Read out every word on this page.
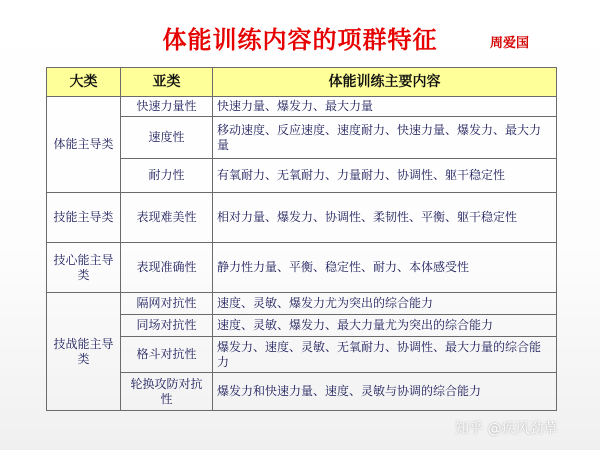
体能训练内容的项群特征	周爱国
大类	亚类	体能训练主要内容
体能主导类	快速力量性	快速力量、爆发力、最大力量
	速度性	移动速度、反应速度、速度耐力、快速力量、爆发力、最大力量
	耐力性	有氧耐力、无氧耐力、力量耐力、协调性、躯干稳定性
技能主导类	表现难美性	相对力量、爆发力、协调性、柔韧性、平衡、躯干稳定性
技心能主导类	表现准确性	静力性力量、平衡、稳定性、耐力、本体感受性
技战能主导类	隔网对抗性	速度、灵敏、爆发力尤为突出的综合能力
	同场对抗性	速度、灵敏、爆发力、最大力量尤为突出的综合能力
	格斗对抗性	爆发力、速度、灵敏、无氧耐力、协调性、最大力量的综合能力
	轮换攻防对抗性	爆发力和快速力量、速度、灵敏与协调的综合能力
知乎 @疾风劲草
